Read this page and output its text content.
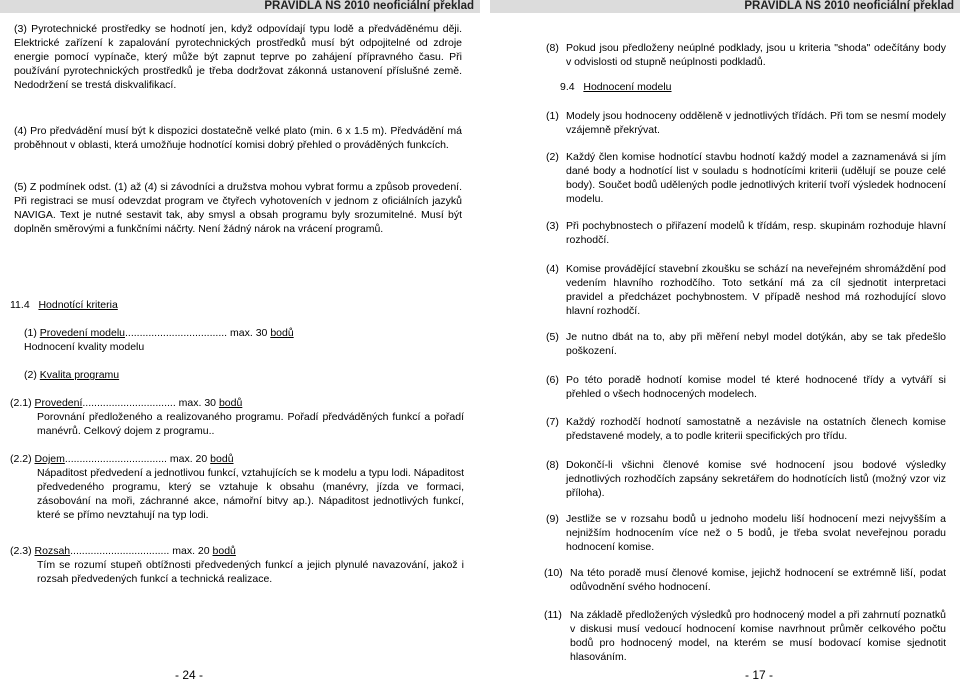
PRAVIDLA NS 2010 neoficiální překlad

(3) Pyrotechnické prostředky se hodnotí jen, když odpovídají typu lodě a předváděnému ději. Elektrické zařízení k zapalování pyrotechnických prostředků musí být odpojitelné od zdroje energie pomocí vypínače, který může být zapnut teprve po zahájení přípravného času. Při používání pyrotechnických prostředků je třeba dodržovat zákonná ustanovení příslušné země. Nedodržení se trestá diskvalifikací.

(4) Pro předvádění musí být k dispozici dostatečně velké plato (min. 6 x 1.5 m). Předvádění má proběhnout v oblasti, která umožňuje hodnotící komisi dobrý přehled o prováděných funkcích.

(5) Z podmínek odst. (1) až (4) si závodníci a družstva mohou vybrat formu a způsob provedení. Při registraci se musí odevzdat program ve čtyřech vyhotoveních v jednom z oficiálních jazyků NAVIGA. Text je nutné sestavit tak, aby smysl a obsah programu byly srozumitelné. Musí být doplněn směrovými a funkčními náčrty. Není žádný nárok na vrácení programů.

11.4 Hodnotící kriteria

(1) Provedení modelu................................... max. 30 bodů

Hodnocení kvality modelu

(2) Kvalita programu

(2.1) Provedení................................ max. 30 bodů

Porovnání předloženého a realizovaného programu. Pořadí předváděných funkcí a pořadí manévrů. Celkový dojem z programu..

(2.2) Dojem................................... max. 20 bodů

Nápaditost předvedení a jednotlivou funkcí, vztahujících se k modelu a typu lodi. Nápaditost předvedeného programu, který se vztahuje k obsahu (manévry, jízda ve formaci, zásobování na moři, záchranné akce, námořní bitvy ap.). Nápaditost jednotlivých funkcí, které se přímo nevztahují na typ lodi.

(2.3) Rozsah.................................. max. 20 bodů

Tím se rozumí stupeň obtížnosti předvedených funkcí a jejich plynulé navazování, jakož i rozsah předvedených funkcí a technická realizace.

- 24 -
PRAVIDLA NS 2010 neoficiální překlad
(8) Pokud jsou předloženy neúplné podklady, jsou u kriteria "shoda" odečítány body v odvislosti od stupně neúplnosti podkladů.

9.4 Hodnocení modelu
(1) Modely jsou hodnoceny odděleně v jednotlivých třídách. Při tom se nesmí modely vzájemně překrývat.

(2) Každý člen komise hodnotící stavbu hodnotí každý model a zaznamenává si jím dané body a hodnotící list v souladu s hodnotícími kriterii (udělují se pouze celé body). Součet bodů udělených podle jednotlivých kriterií tvoří výsledek hodnocení modelu.

(3) Při pochybnostech o přiřazení modelů k třídám, resp. skupinám rozhoduje hlavní rozhodčí.

(4) Komise provádějící stavební zkoušku se schází na neveřejném shromáždění pod vedením hlavního rozhodčího. Toto setkání má za cíl sjednotit interpretaci pravidel a předcházet pochybnostem. V případě neshod má rozhodující slovo hlavní rozhodčí.

(5) Je nutno dbát na to, aby při měření nebyl model dotýkán, aby se tak předešlo poškození.

(6) Po této poradě hodnotí komise model té které hodnocené třídy a vytváří si přehled o všech hodnocených modelech.

(7) Každý rozhodčí hodnotí samostatně a nezávisle na ostatních členech komise představené modely, a to podle kriterii specifických pro třídu.

(8) Dokončí-li všichni členové komise své hodnocení jsou bodové výsledky jednotlivých rozhodčích zapsány sekretářem do hodnotících listů (možný vzor viz příloha).

(9) Jestliže se v rozsahu bodů u jednoho modelu liší hodnocení mezi nejvyšším a nejnižším hodnocením více než o 5 bodů, je třeba svolat neveřejnou poradu hodnocení komise.

(10) Na této poradě musí členové komise, jejichž hodnocení se extrémně liší, podat odůvodnění svého hodnocení.

(11) Na základě předložených výsledků pro hodnocený model a při zahrnutí poznatků v diskusi musí vedoucí hodnocení komise navrhnout průměr celkového počtu bodů pro hodnocený model, na kterém se musí bodovací komise sjednotit hlasováním.

- 17 -
